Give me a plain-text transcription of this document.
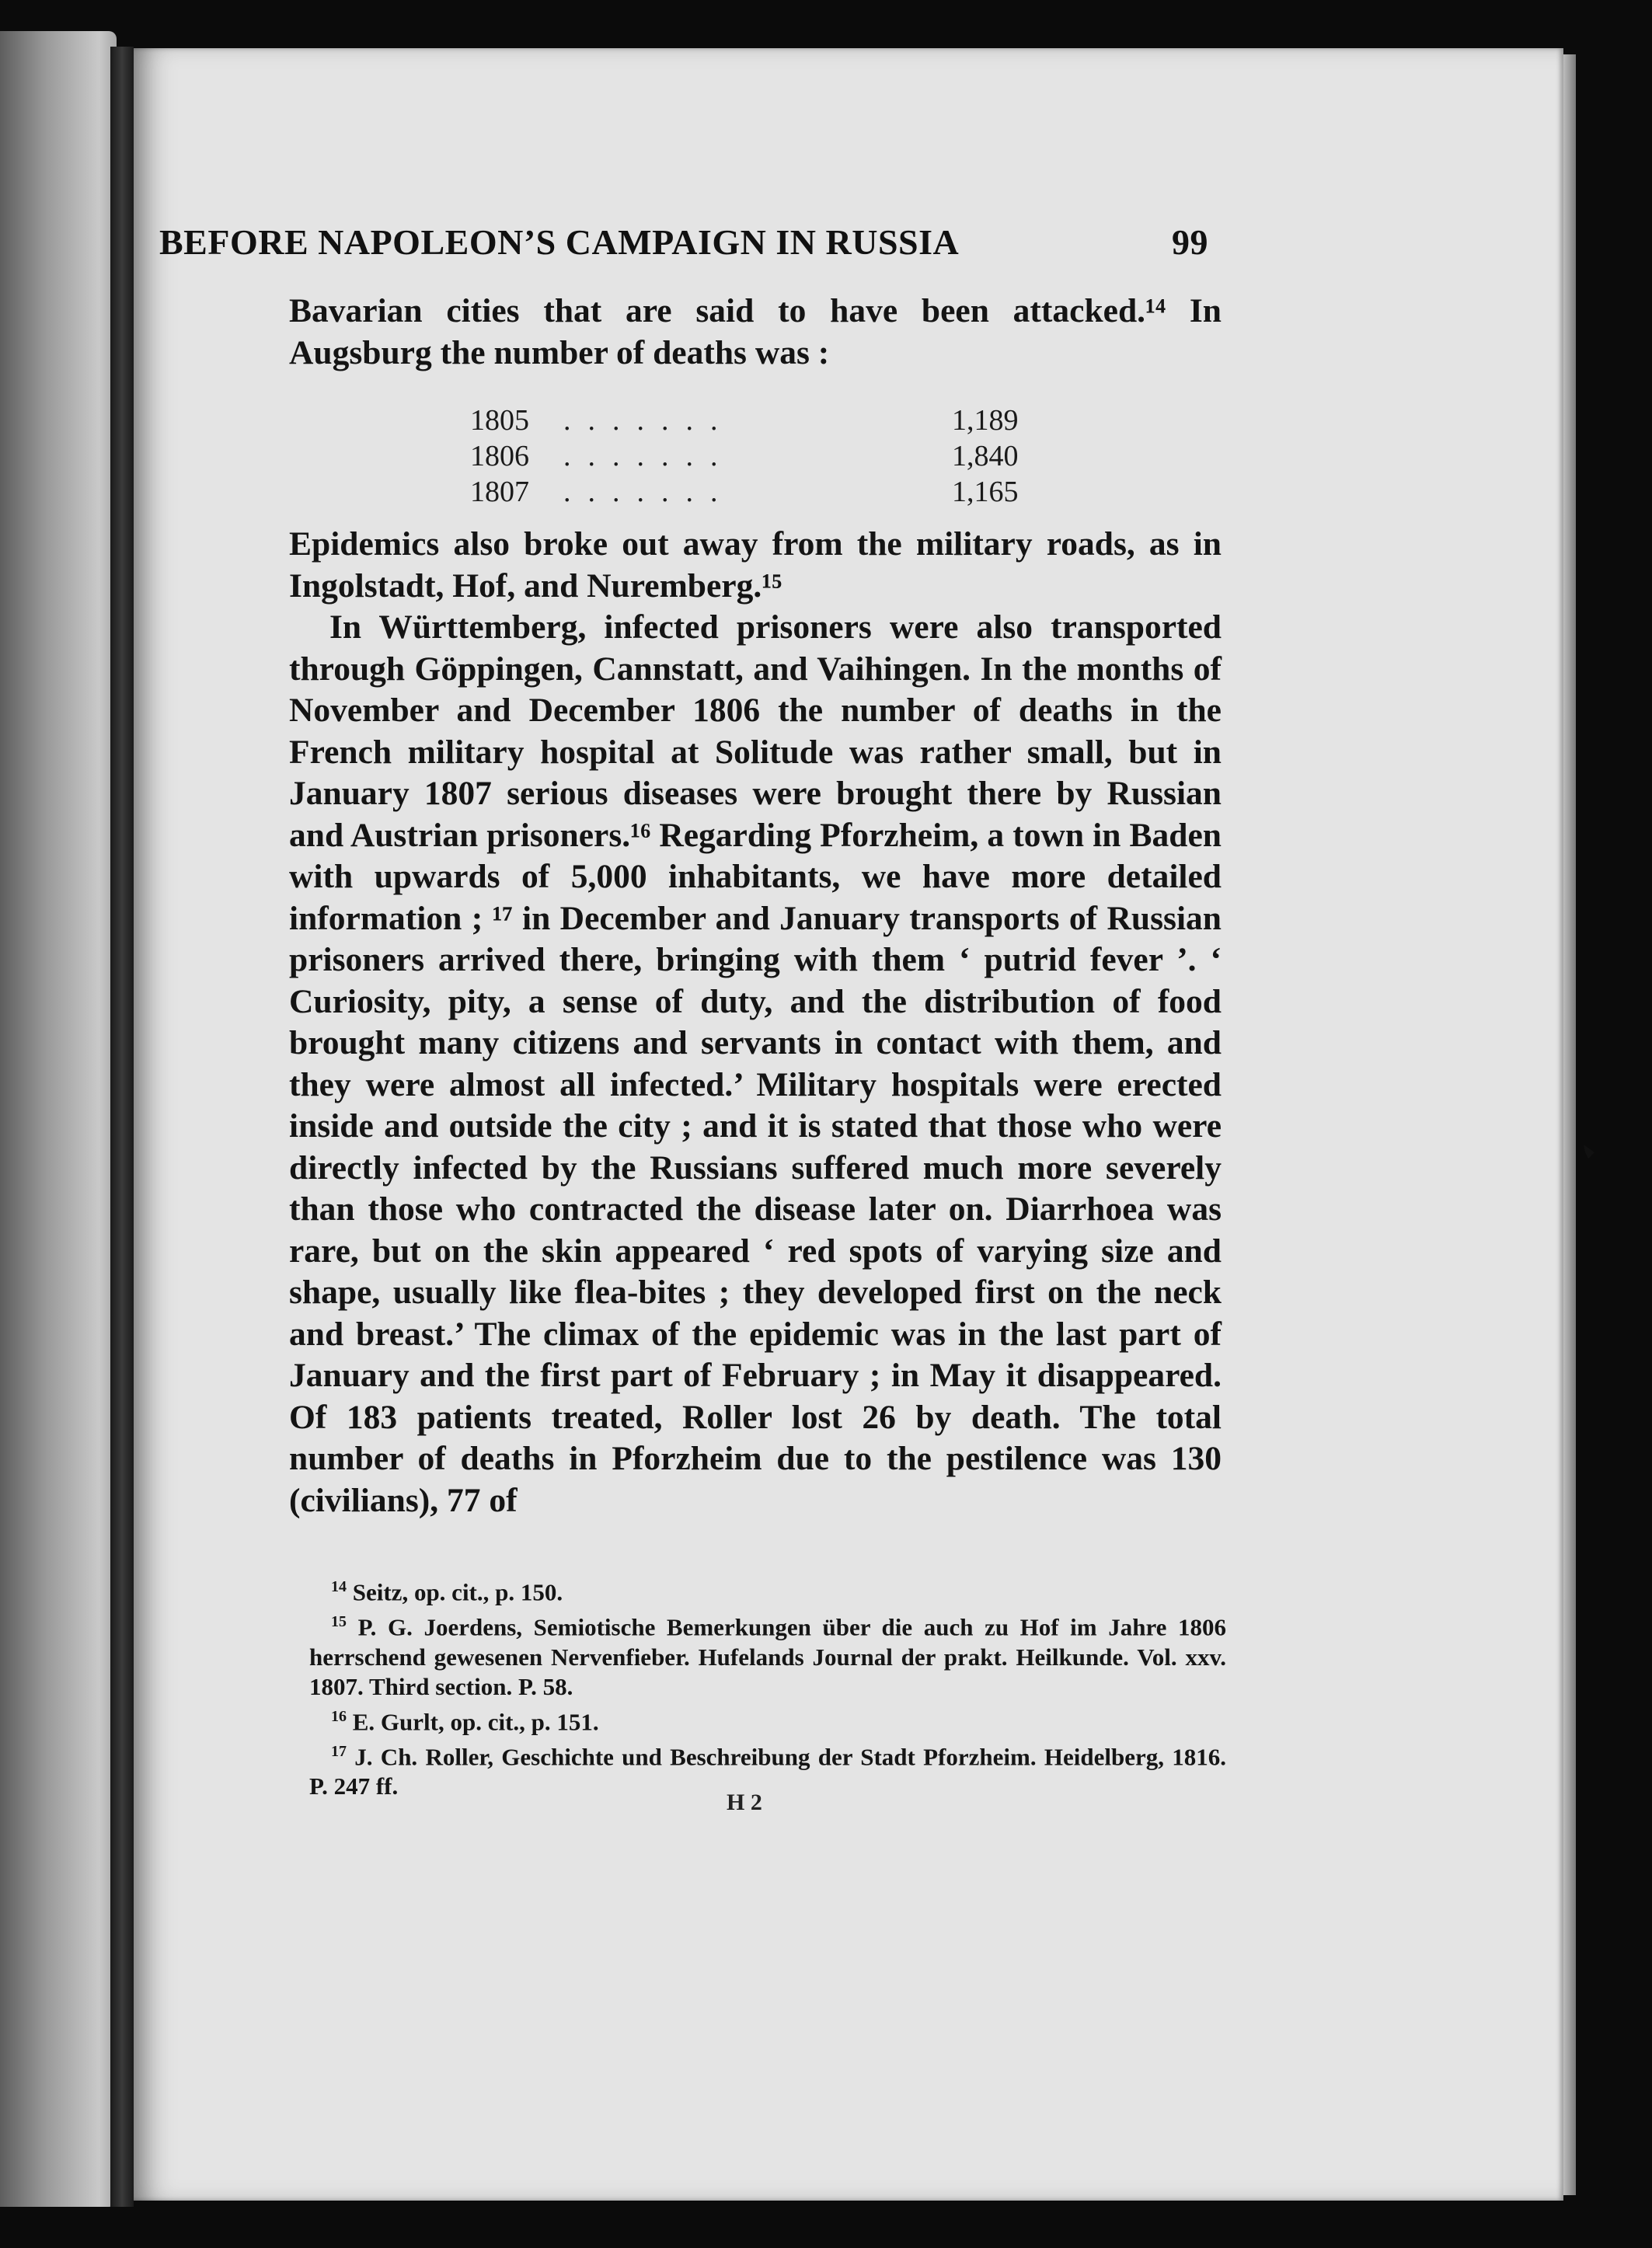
BEFORE NAPOLEON’S CAMPAIGN IN RUSSIA	99

Bavarian cities that are said to have been attacked.¹⁴ In Augsburg the number of deaths was :

1805	.......	1,189
1806	.......	1,840
1807	.......	1,165

Epidemics also broke out away from the military roads, as in Ingolstadt, Hof, and Nuremberg.¹⁵

In Württemberg, infected prisoners were also transported through Göppingen, Cannstatt, and Vaihingen. In the months of November and December 1806 the number of deaths in the French military hospital at Solitude was rather small, but in January 1807 serious diseases were brought there by Russian and Austrian prisoners.¹⁶ Regarding Pforzheim, a town in Baden with upwards of 5,000 inhabitants, we have more detailed information ; ¹⁷ in December and January transports of Russian prisoners arrived there, bringing with them ‘ putrid fever ’. ‘ Curiosity, pity, a sense of duty, and the distribution of food brought many citizens and servants in contact with them, and they were almost all infected.’ Military hospitals were erected inside and outside the city ; and it is stated that those who were directly infected by the Russians suffered much more severely than those who contracted the disease later on. Diarrhoea was rare, but on the skin appeared ‘ red spots of varying size and shape, usually like flea-bites ; they developed first on the neck and breast.’ The climax of the epidemic was in the last part of January and the first part of February ; in May it disappeared. Of 183 patients treated, Roller lost 26 by death. The total number of deaths in Pforzheim due to the pestilence was 130 (civilians), 77 of

$^{14}$ Seitz, op. cit., p. 150.

$^{15}$ P. G. Joerdens, Semiotische Bemerkungen über die auch zu Hof im Jahre 1806 herrschend gewesenen Nervenfieber. Hufelands Journal der prakt. Heilkunde. Vol. xxv. 1807. Third section. P. 58.

$^{16}$ E. Gurlt, op. cit., p. 151.

$^{17}$ J. Ch. Roller, Geschichte und Beschreibung der Stadt Pforzheim. Heidelberg, 1816. P. 247 ff.

H 2
